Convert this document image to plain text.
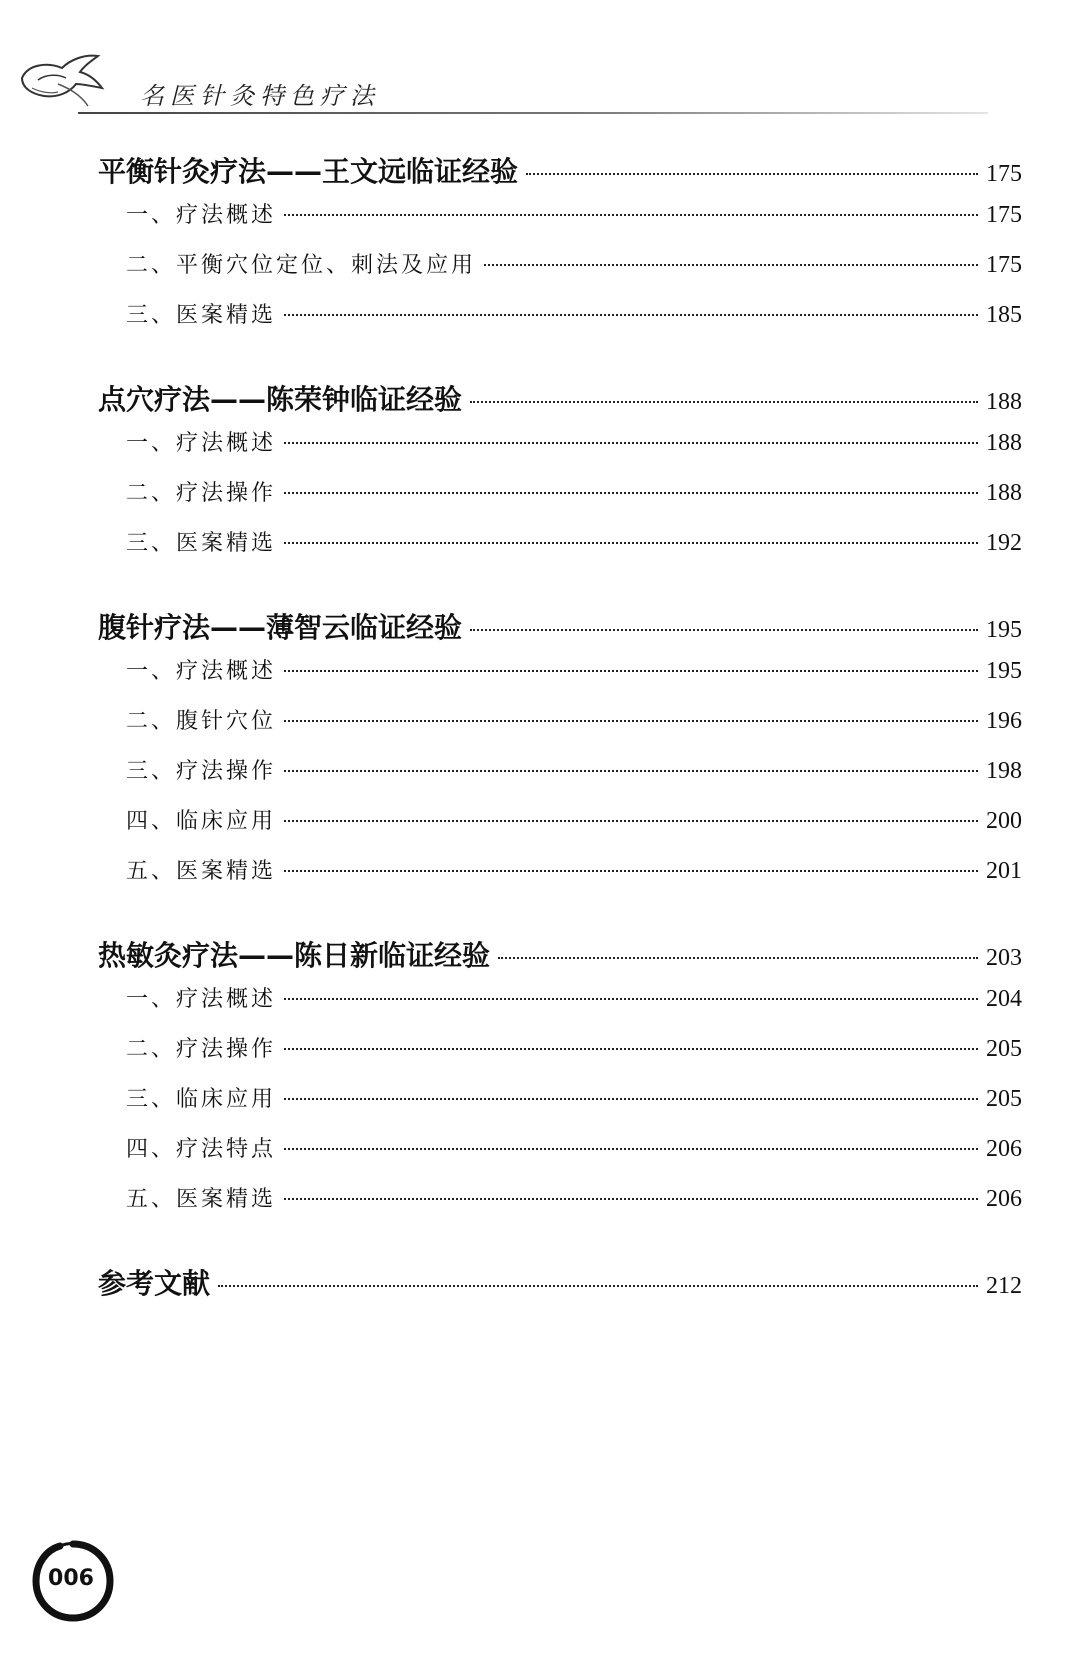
名医针灸特色疗法
平衡针灸疗法——王文远临证经验	175
一、疗法概述	175
二、平衡穴位定位、刺法及应用	175
三、医案精选	185
点穴疗法——陈荣钟临证经验	188
一、疗法概述	188
二、疗法操作	188
三、医案精选	192
腹针疗法——薄智云临证经验	195
一、疗法概述	195
二、腹针穴位	196
三、疗法操作	198
四、临床应用	200
五、医案精选	201
热敏灸疗法——陈日新临证经验	203
一、疗法概述	204
二、疗法操作	205
三、临床应用	205
四、疗法特点	206
五、医案精选	206
参考文献	212
006
